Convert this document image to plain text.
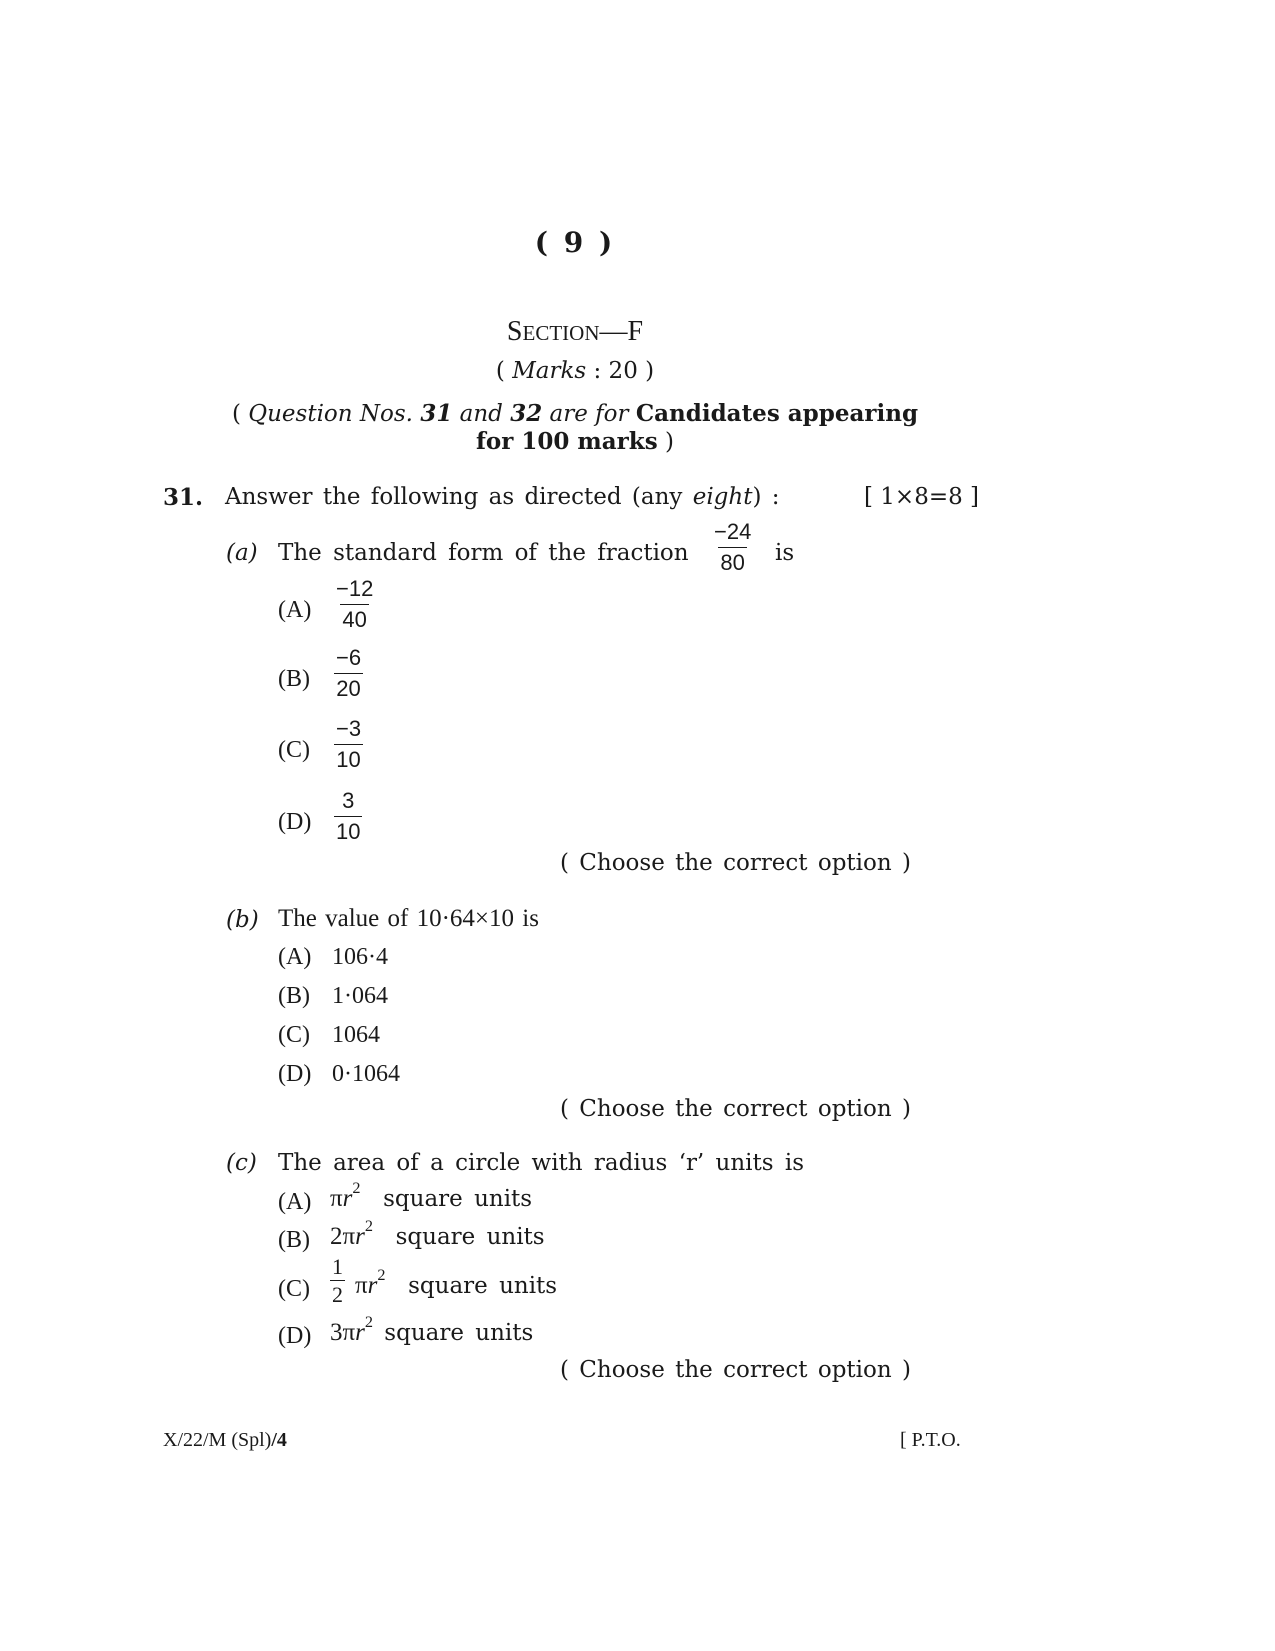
( 9 )
SECTION—F
( Marks : 20 )
( Question Nos. 31 and 32 are for Candidates appearing
for 100 marks )
31. Answer the following as directed (any eight) :	[ 1×8=8 ]
(a) The standard form of the fraction $\frac{-24}{80}$ is
$(A) \frac{-12}{40}$
$(B) \frac{-6}{20}$
$(C) \frac{-3}{10}$
$(D) \frac{3}{10}$
( Choose the correct option )
(b) The value of 10·64×10 is
(A) 106·4
(B) 1·064
(C) 1064
(D) 0·1064
( Choose the correct option )
(c) The area of a circle with radius ‘r’ units is
(A) $\pi r^2$ square units
(B) $2\pi r^2$ square units
$(C) \frac{1}{2} \pi r^2$ square units
(D) $3\pi r^2$ square units
( Choose the correct option )
X/22/M (Spl)/4	[ P.T.O.
